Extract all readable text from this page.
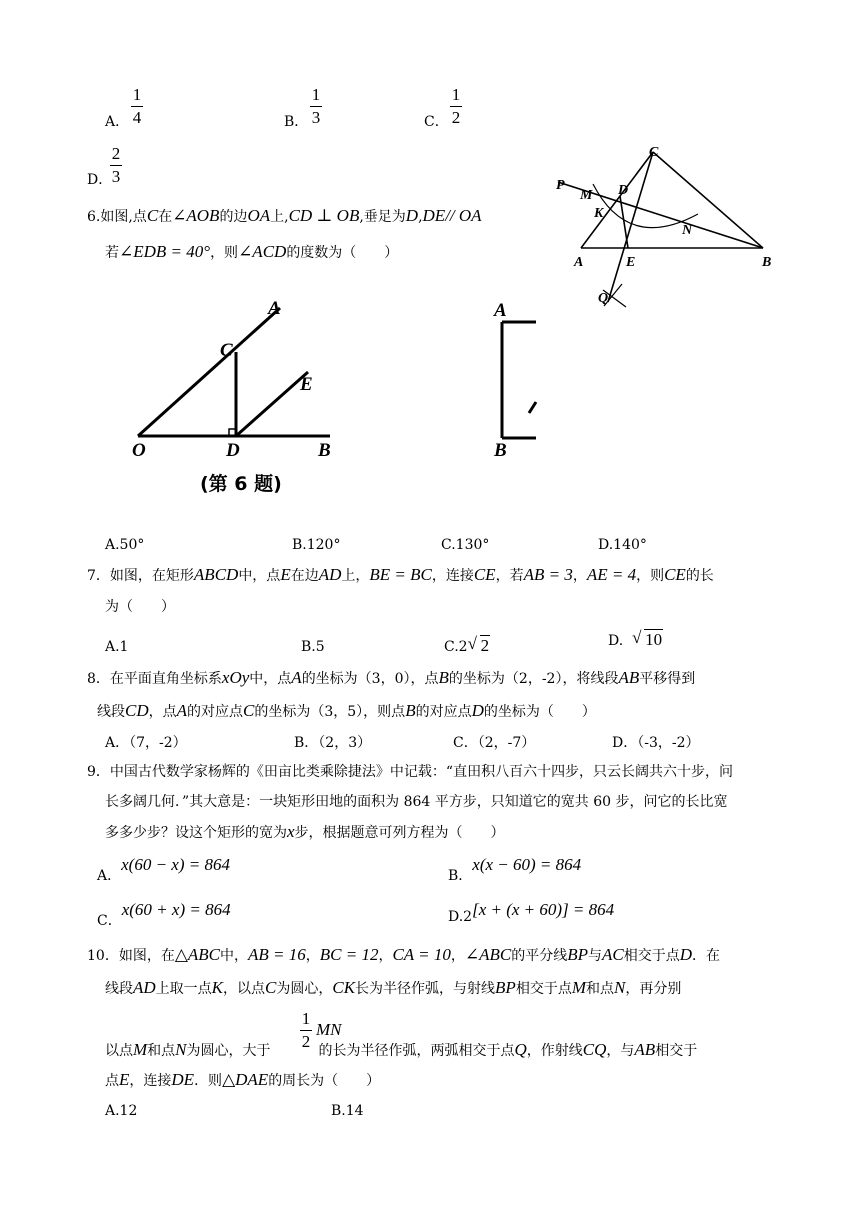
A．
1
4	B．
1
3	C．
1
2
D．
2
3
6.如图,点C在∠AOB的边OA上,CD ⊥ OB,垂足为D,DE// OA
若∠EDB = 40°，则∠ACD的度数为（　　）
C
P
M D
K
N
A	E	B
Q
A
C
E
O	D	B
(第 6 题)
A
B
A.50°	B.120°	C.130°	D.140°
7．如图，在矩形ABCD中，点E在边AD上，BE = BC，连接CE，若AB = 3，AE = 4，则CE的长
为（　　）
A.1	B.5	C.2 √ 2	D. √ 10
8．在平面直角坐标系xOy中，点A的坐标为（3，0），点B的坐标为（2，-2），将线段AB平移得到
线段CD，点A的对应点C的坐标为（3，5），则点B的对应点D的坐标为（　　）
A．（7，-2）	B．（2，3）	C．（2，-7）	D．（-3，-2）
9．中国古代数学家杨辉的《田亩比类乘除捷法》中记载：“直田积八百六十四步，只云长阔共六十步，问
长多阔几何．”其大意是：一块矩形田地的面积为 864 平方步，只知道它的宽共 60 步，问它的长比宽
多多少步？设这个矩形的宽为x步，根据题意可列方程为（　　）
A．x(60 − x) = 864
B．x(x − 60) = 864
C．x(60 + x) = 864	D.2[x + (x + 60)] = 864
10．如图，在△ABC中，AB = 16，BC = 12，CA = 10，∠ABC的平分线BP与AC相交于点D．在
线段AD上取一点K，以点C为圆心，CK长为半径作弧，与射线BP相交于点M和点N，再分别
以点M和点N为圆心，大于	的长为半径作弧，两弧相交于点Q，作射线CQ，与AB相交于
1
2
MN
点E，连接DE．则△DAE的周长为（　　）
A.12	B.14
